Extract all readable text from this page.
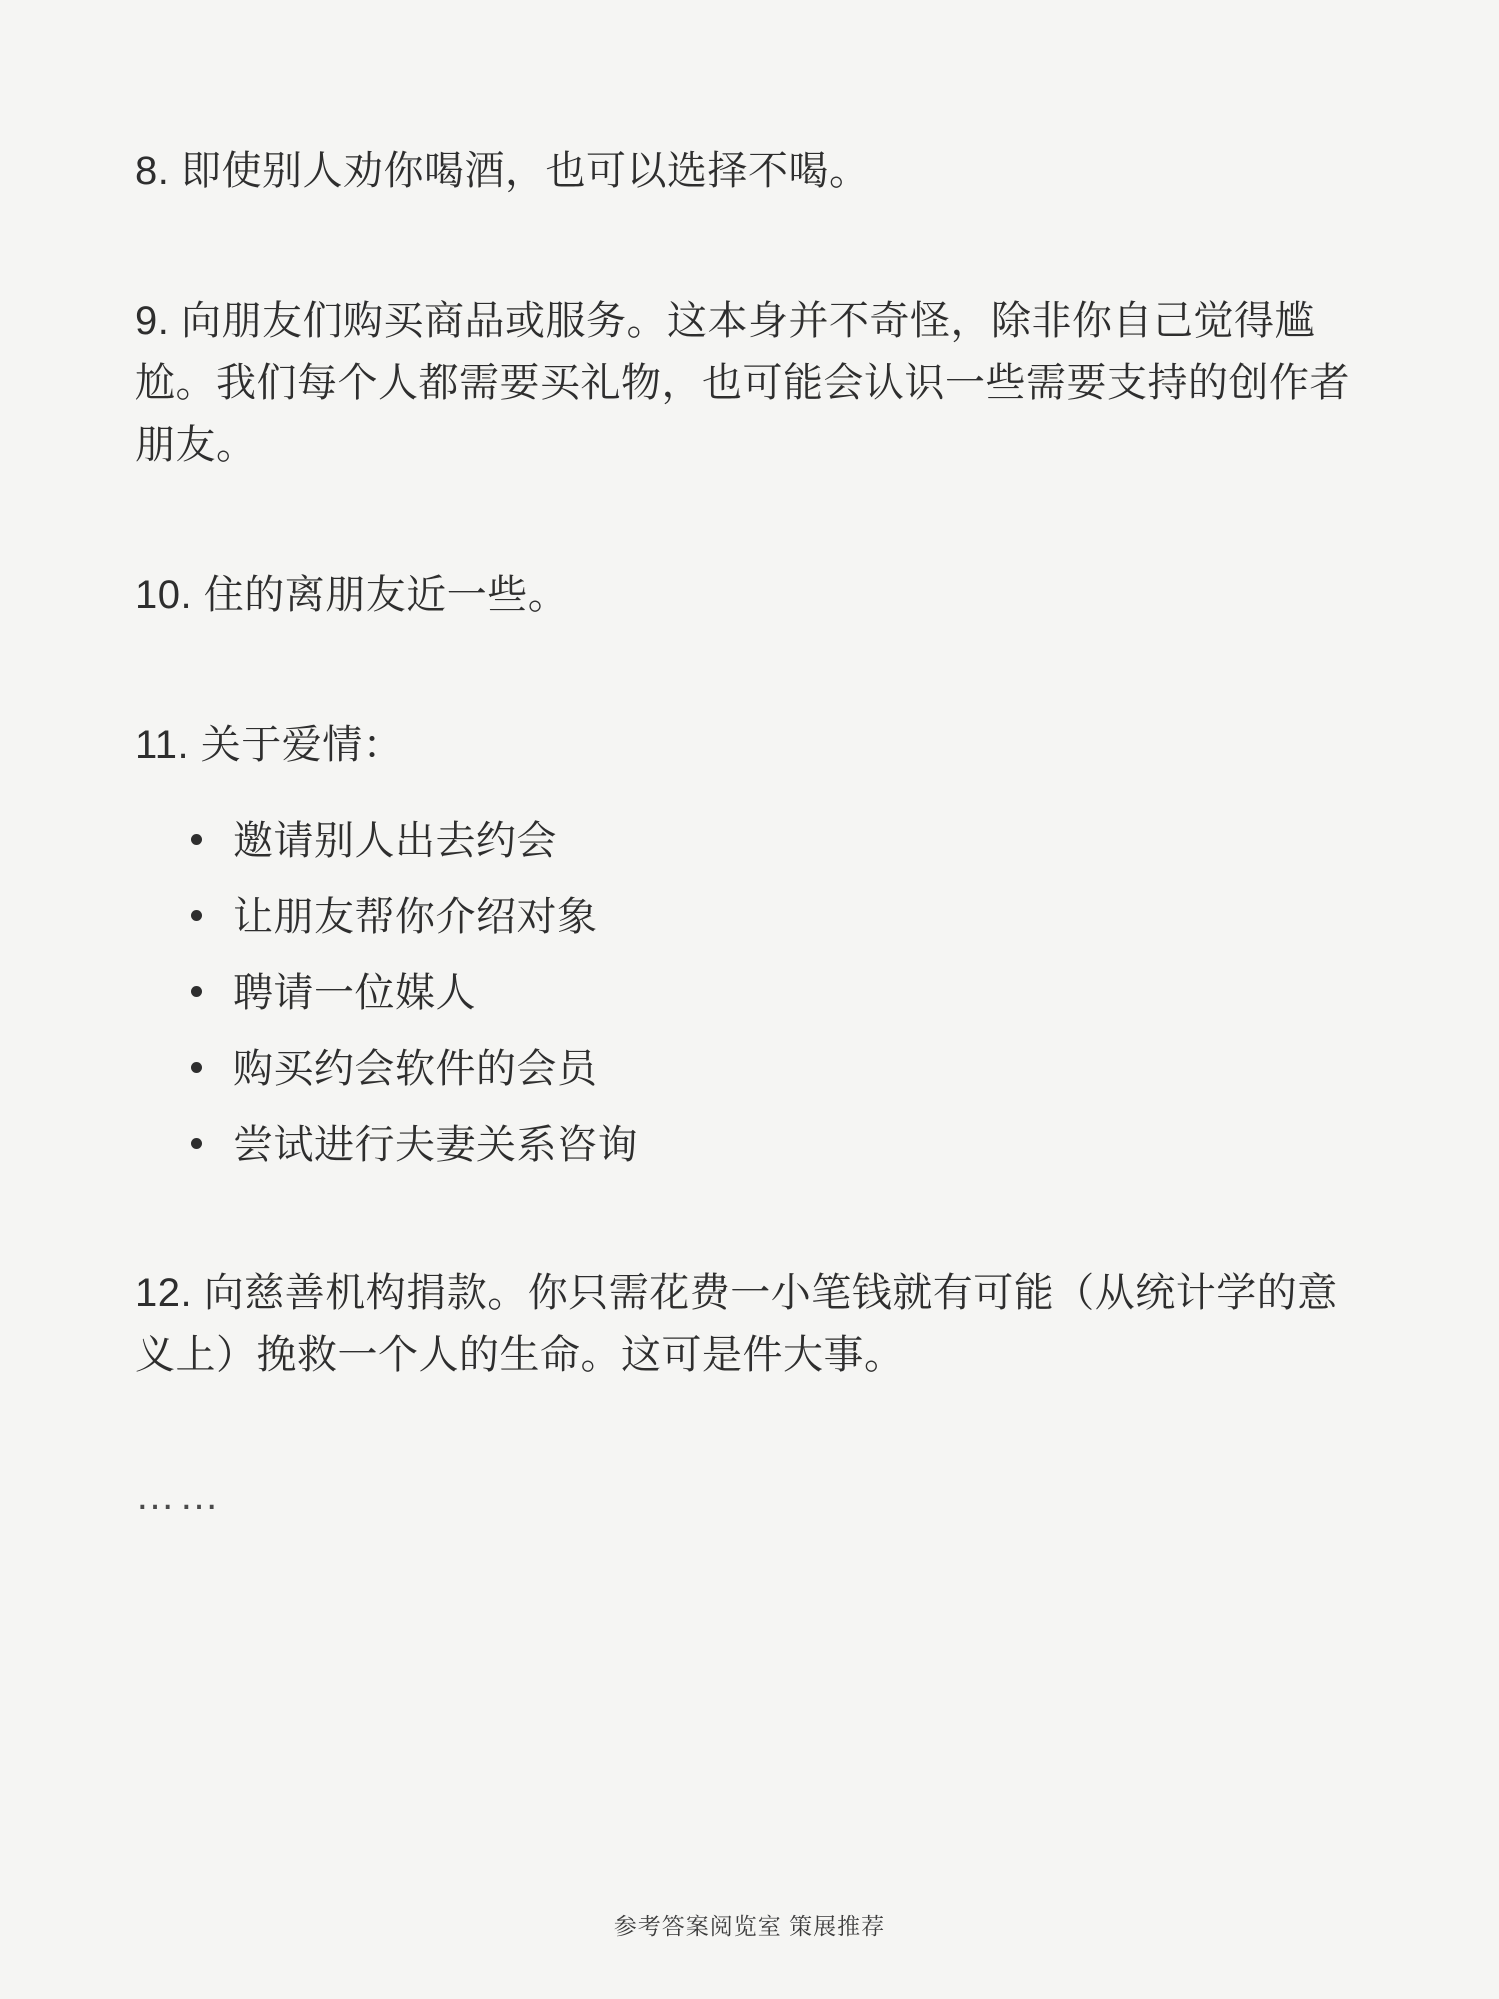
8. 即使别人劝你喝酒，也可以选择不喝。

9. 向朋友们购买商品或服务。这本身并不奇怪，除非你自己觉得尴尬。我们每个人都需要买礼物，也可能会认识一些需要支持的创作者朋友。

10. 住的离朋友近一些。

11. 关于爱情：

邀请别人出去约会
让朋友帮你介绍对象
聘请一位媒人
购买约会软件的会员
尝试进行夫妻关系咨询

12. 向慈善机构捐款。你只需花费一小笔钱就有可能（从统计学的意义上）挽救一个人的生命。这可是件大事。

……

参考答案阅览室 策展推荐
